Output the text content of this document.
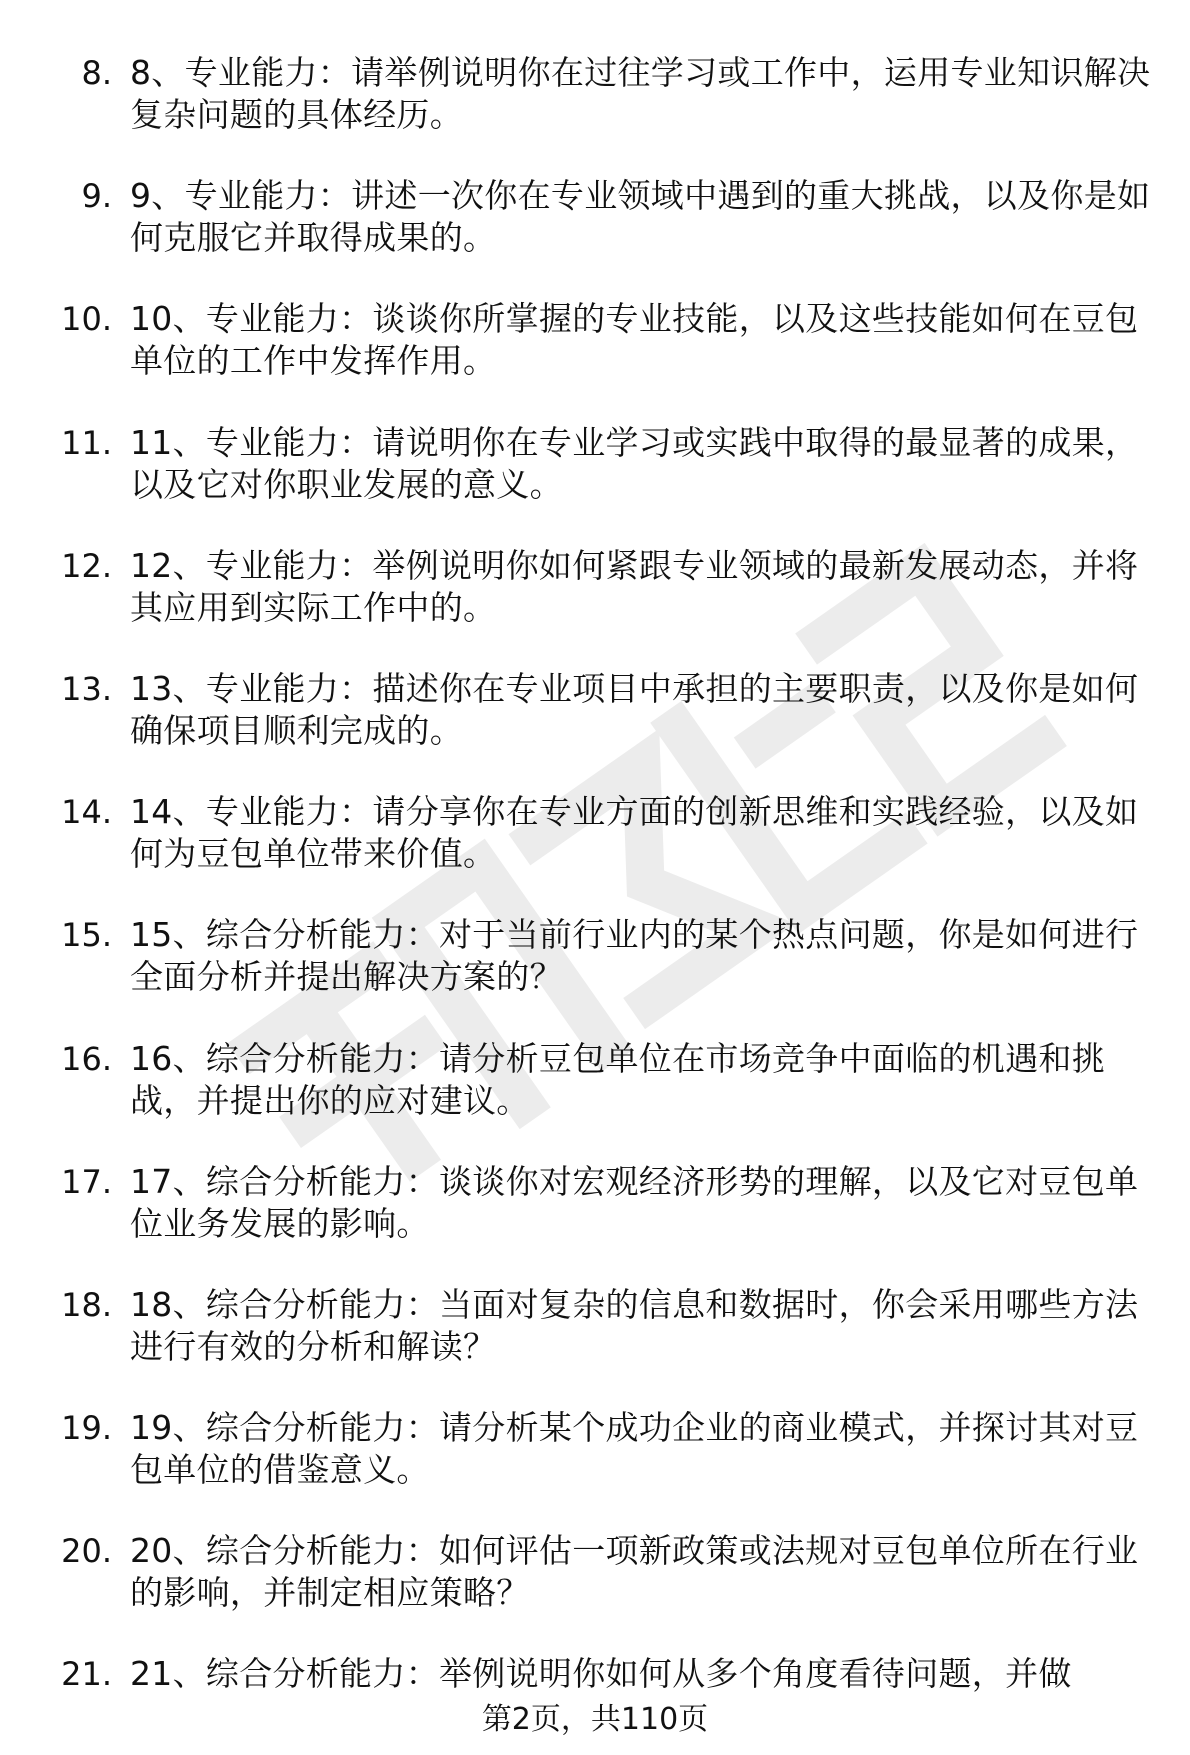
8. 8、专业能力：请举例说明你在过往学习或工作中，运用专业知识解决复杂问题的具体经历。
9. 9、专业能力：讲述一次你在专业领域中遇到的重大挑战，以及你是如何克服它并取得成果的。
10. 10、专业能力：谈谈你所掌握的专业技能，以及这些技能如何在豆包单位的工作中发挥作用。
11. 11、专业能力：请说明你在专业学习或实践中取得的最显著的成果，以及它对你职业发展的意义。
12. 12、专业能力：举例说明你如何紧跟专业领域的最新发展动态，并将其应用到实际工作中的。
13. 13、专业能力：描述你在专业项目中承担的主要职责，以及你是如何确保项目顺利完成的。
14. 14、专业能力：请分享你在专业方面的创新思维和实践经验，以及如何为豆包单位带来价值。
15. 15、综合分析能力：对于当前行业内的某个热点问题，你是如何进行全面分析并提出解决方案的？
16. 16、综合分析能力：请分析豆包单位在市场竞争中面临的机遇和挑战，并提出你的应对建议。
17. 17、综合分析能力：谈谈你对宏观经济形势的理解，以及它对豆包单位业务发展的影响。
18. 18、综合分析能力：当面对复杂的信息和数据时，你会采用哪些方法进行有效的分析和解读？
19. 19、综合分析能力：请分析某个成功企业的商业模式，并探讨其对豆包单位的借鉴意义。
20. 20、综合分析能力：如何评估一项新政策或法规对豆包单位所在行业的影响，并制定相应策略？
21. 21、综合分析能力：举例说明你如何从多个角度看待问题，并做
第2页，共110页
